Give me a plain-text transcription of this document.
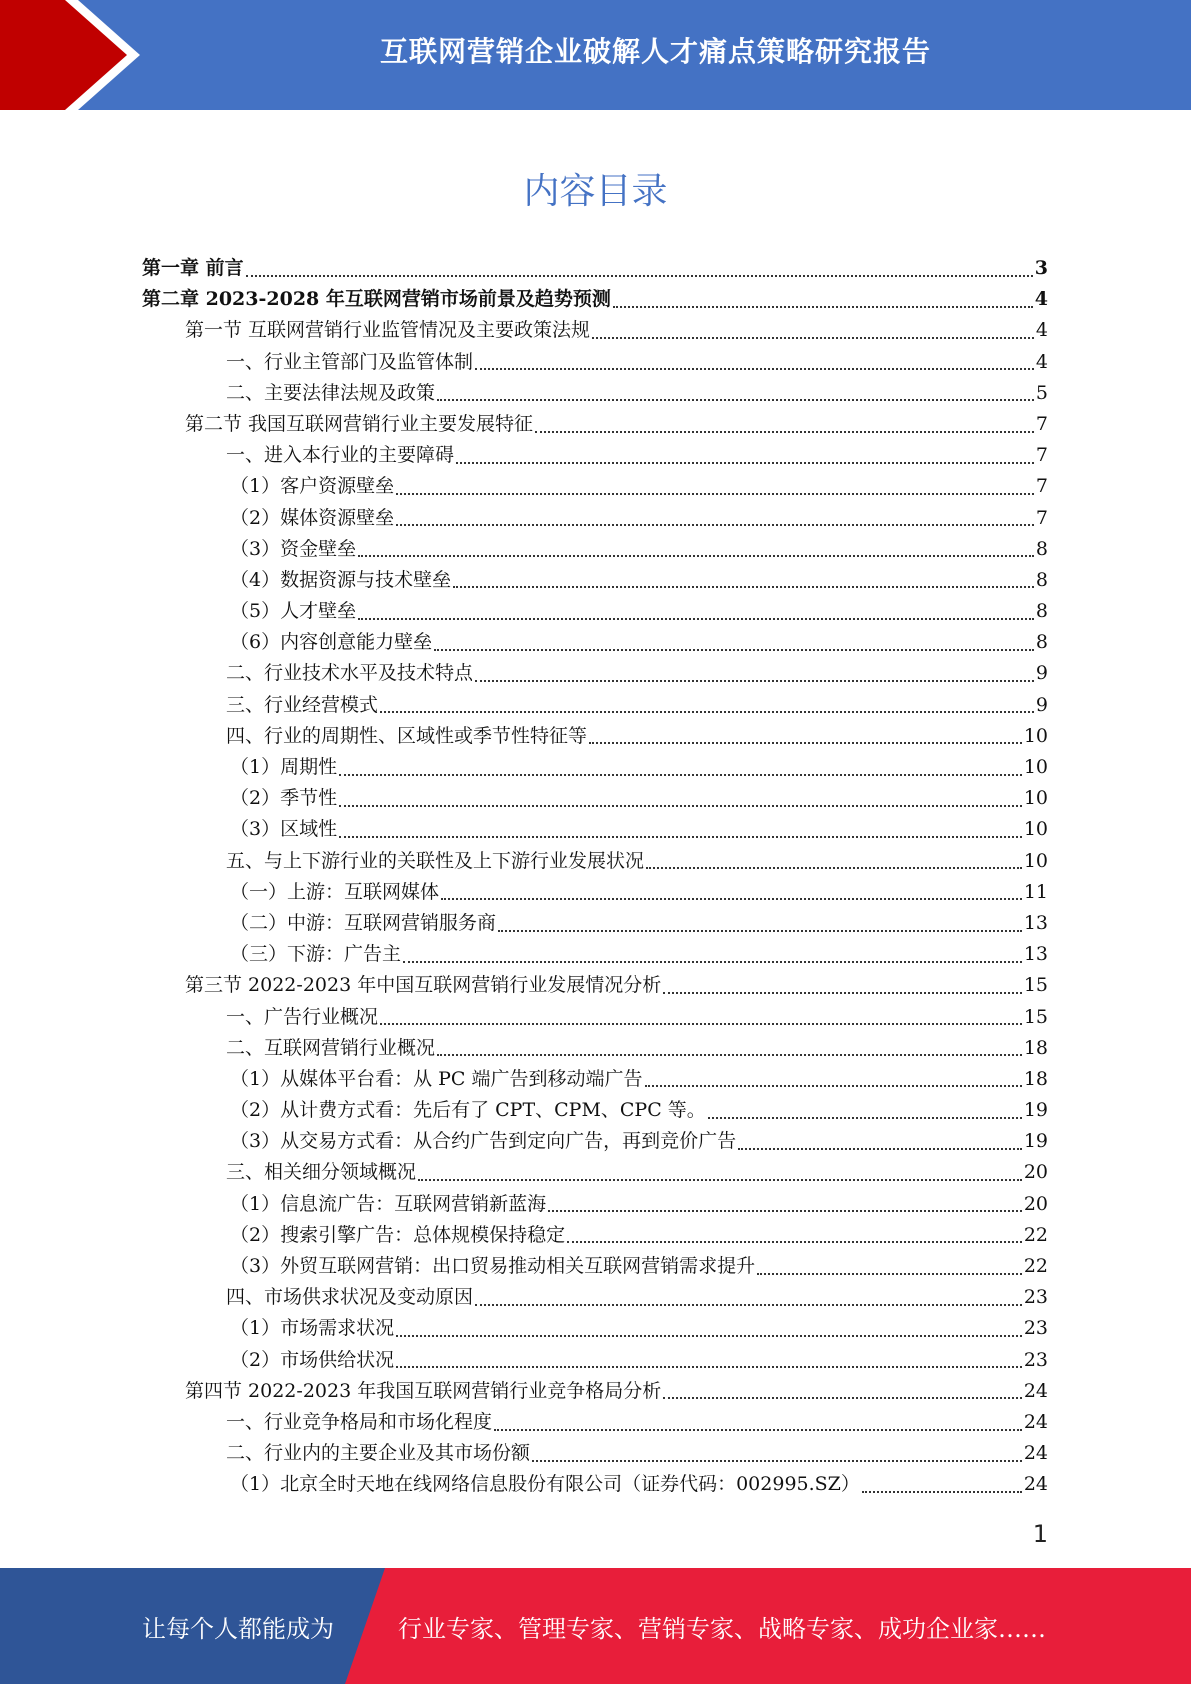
互联网营销企业破解人才痛点策略研究报告
内容目录
第一章 前言	3
第二章 2023-2028 年互联网营销市场前景及趋势预测	4
第一节 互联网营销行业监管情况及主要政策法规	4
一、行业主管部门及监管体制	4
二、主要法律法规及政策	5
第二节 我国互联网营销行业主要发展特征	7
一、进入本行业的主要障碍	7
（1）客户资源壁垒	7
（2）媒体资源壁垒	7
（3）资金壁垒	8
（4）数据资源与技术壁垒	8
（5）人才壁垒	8
（6）内容创意能力壁垒	8
二、行业技术水平及技术特点	9
三、行业经营模式	9
四、行业的周期性、区域性或季节性特征等	10
（1）周期性	10
（2）季节性	10
（3）区域性	10
五、与上下游行业的关联性及上下游行业发展状况	10
（一）上游：互联网媒体	11
（二）中游：互联网营销服务商	13
（三）下游：广告主	13
第三节 2022-2023 年中国互联网营销行业发展情况分析	15
一、广告行业概况	15
二、互联网营销行业概况	18
（1）从媒体平台看：从 PC 端广告到移动端广告	18
（2）从计费方式看：先后有了 CPT、CPM、CPC 等。	19
（3）从交易方式看：从合约广告到定向广告，再到竞价广告	19
三、相关细分领域概况	20
（1）信息流广告：互联网营销新蓝海	20
（2）搜索引擎广告：总体规模保持稳定	22
（3）外贸互联网营销：出口贸易推动相关互联网营销需求提升	22
四、市场供求状况及变动原因	23
（1）市场需求状况	23
（2）市场供给状况	23
第四节 2022-2023 年我国互联网营销行业竞争格局分析	24
一、行业竞争格局和市场化程度	24
二、行业内的主要企业及其市场份额	24
（1）北京全时天地在线网络信息股份有限公司（证券代码：002995.SZ）	24
1
让每个人都能成为	行业专家、管理专家、营销专家、战略专家、成功企业家……
